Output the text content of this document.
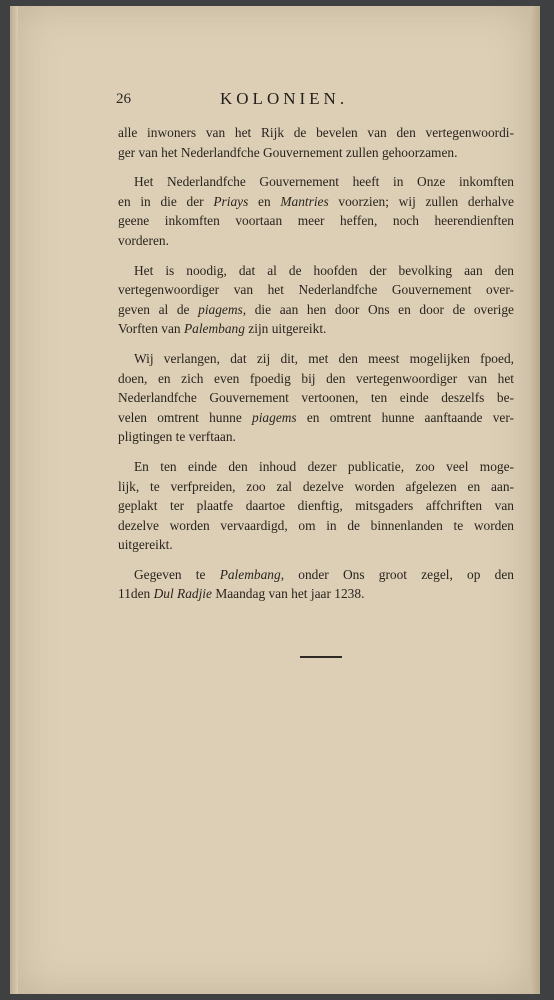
26	KOLONIEN.

alle inwoners van het Rijk de bevelen van den vertegenwoordi-
ger van het Nederlandfche Gouvernement zullen gehoorzamen.

Het Nederlandfche Gouvernement heeft in Onze inkomften
en in die der Priays en Mantries voorzien; wij zullen derhalve
geene inkomften voortaan meer heffen, noch heerendienften
vorderen.

Het is noodig, dat al de hoofden der bevolking aan den
vertegenwoordiger van het Nederlandfche Gouvernement over-
geven al de piagems, die aan hen door Ons en door de overige
Vorften van Palembang zijn uitgereikt.

Wij verlangen, dat zij dit, met den meest mogelijken fpoed,
doen, en zich even fpoedig bij den vertegenwoordiger van het
Nederlandfche Gouvernement vertoonen, ten einde deszelfs be-
velen omtrent hunne piagems en omtrent hunne aanftaande ver-
pligtingen te verftaan.

En ten einde den inhoud dezer publicatie, zoo veel moge-
lijk, te verfpreiden, zoo zal dezelve worden afgelezen en aan-
geplakt ter plaatfe daartoe dienftig, mitsgaders affchriften van
dezelve worden vervaardigd, om in de binnenlanden te worden
uitgereikt.

Gegeven te Palembang, onder Ons groot zegel, op den
11den Dul Radjie Maandag van het jaar 1238.
